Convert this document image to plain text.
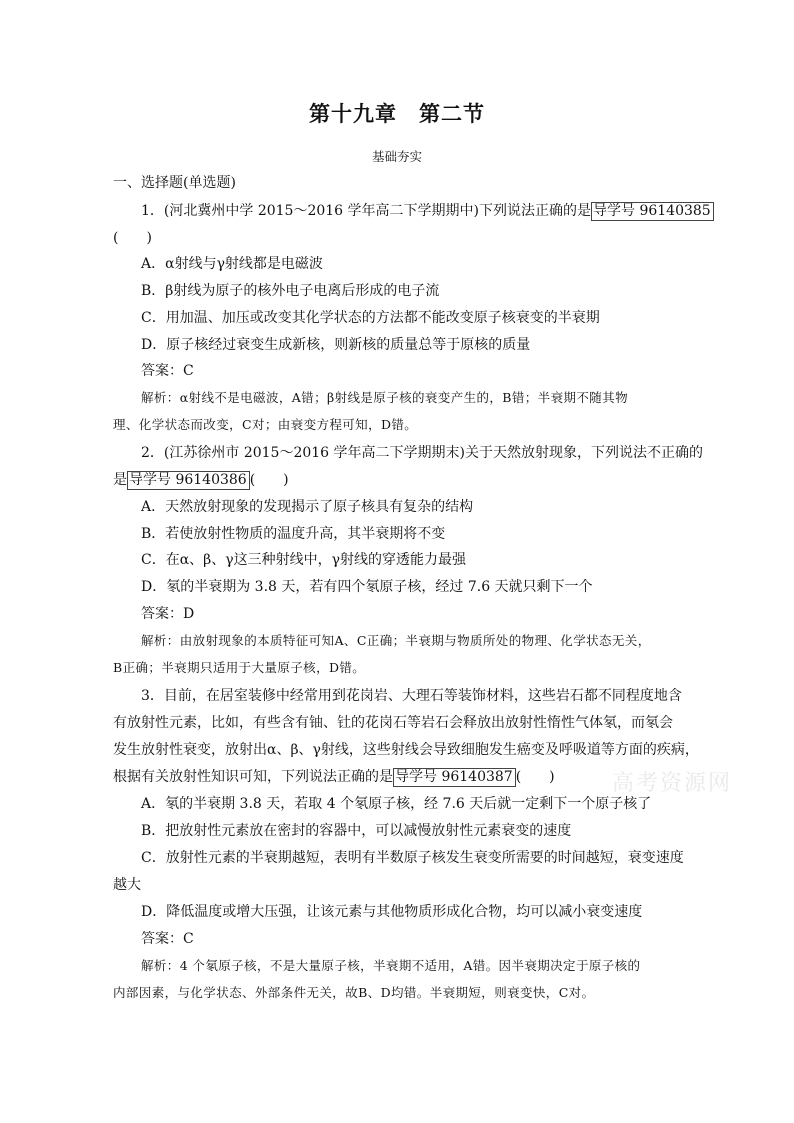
第十九章　第二节
基础夯实
高考资源网
一、选择题(单选题)
1．(河北冀州中学 2015～2016 学年高二下学期期中)下列说法正确的是 导学号 96140385
(　　)
A．α射线与γ射线都是电磁波
B．β射线为原子的核外电子电离后形成的电子流
C．用加温、加压或改变其化学状态的方法都不能改变原子核衰变的半衰期
D．原子核经过衰变生成新核，则新核的质量总等于原核的质量
答案：C
解析：α射线不是电磁波，A错；β射线是原子核的衰变产生的，B错；半衰期不随其物
理、化学状态而改变，C对；由衰变方程可知，D错。
2．(江苏徐州市 2015～2016 学年高二下学期期末)关于天然放射现象，下列说法不正确的
是 导学号 96140386 (　　)
A．天然放射现象的发现揭示了原子核具有复杂的结构
B．若使放射性物质的温度升高，其半衰期将不变
C．在α、β、γ这三种射线中，γ射线的穿透能力最强
D．氡的半衰期为 3.8 天，若有四个氡原子核，经过 7.6 天就只剩下一个
答案：D
解析：由放射现象的本质特征可知A、C正确；半衰期与物质所处的物理、化学状态无关，
B正确；半衰期只适用于大量原子核，D错。
3．目前，在居室装修中经常用到花岗岩、大理石等装饰材料，这些岩石都不同程度地含
有放射性元素，比如，有些含有铀、钍的花岗石等岩石会释放出放射性惰性气体氡，而氡会
发生放射性衰变，放射出α、β、γ射线，这些射线会导致细胞发生癌变及呼吸道等方面的疾病，
根据有关放射性知识可知，下列说法正确的是 导学号 96140387 (　　)
A．氡的半衰期 3.8 天，若取 4 个氡原子核，经 7.6 天后就一定剩下一个原子核了
B．把放射性元素放在密封的容器中，可以减慢放射性元素衰变的速度
C．放射性元素的半衰期越短，表明有半数原子核发生衰变所需要的时间越短，衰变速度
越大
D．降低温度或增大压强，让该元素与其他物质形成化合物，均可以减小衰变速度
答案：C
解析：4 个氡原子核，不是大量原子核，半衰期不适用，A错。因半衰期决定于原子核的
内部因素，与化学状态、外部条件无关，故B、D均错。半衰期短，则衰变快，C对。
